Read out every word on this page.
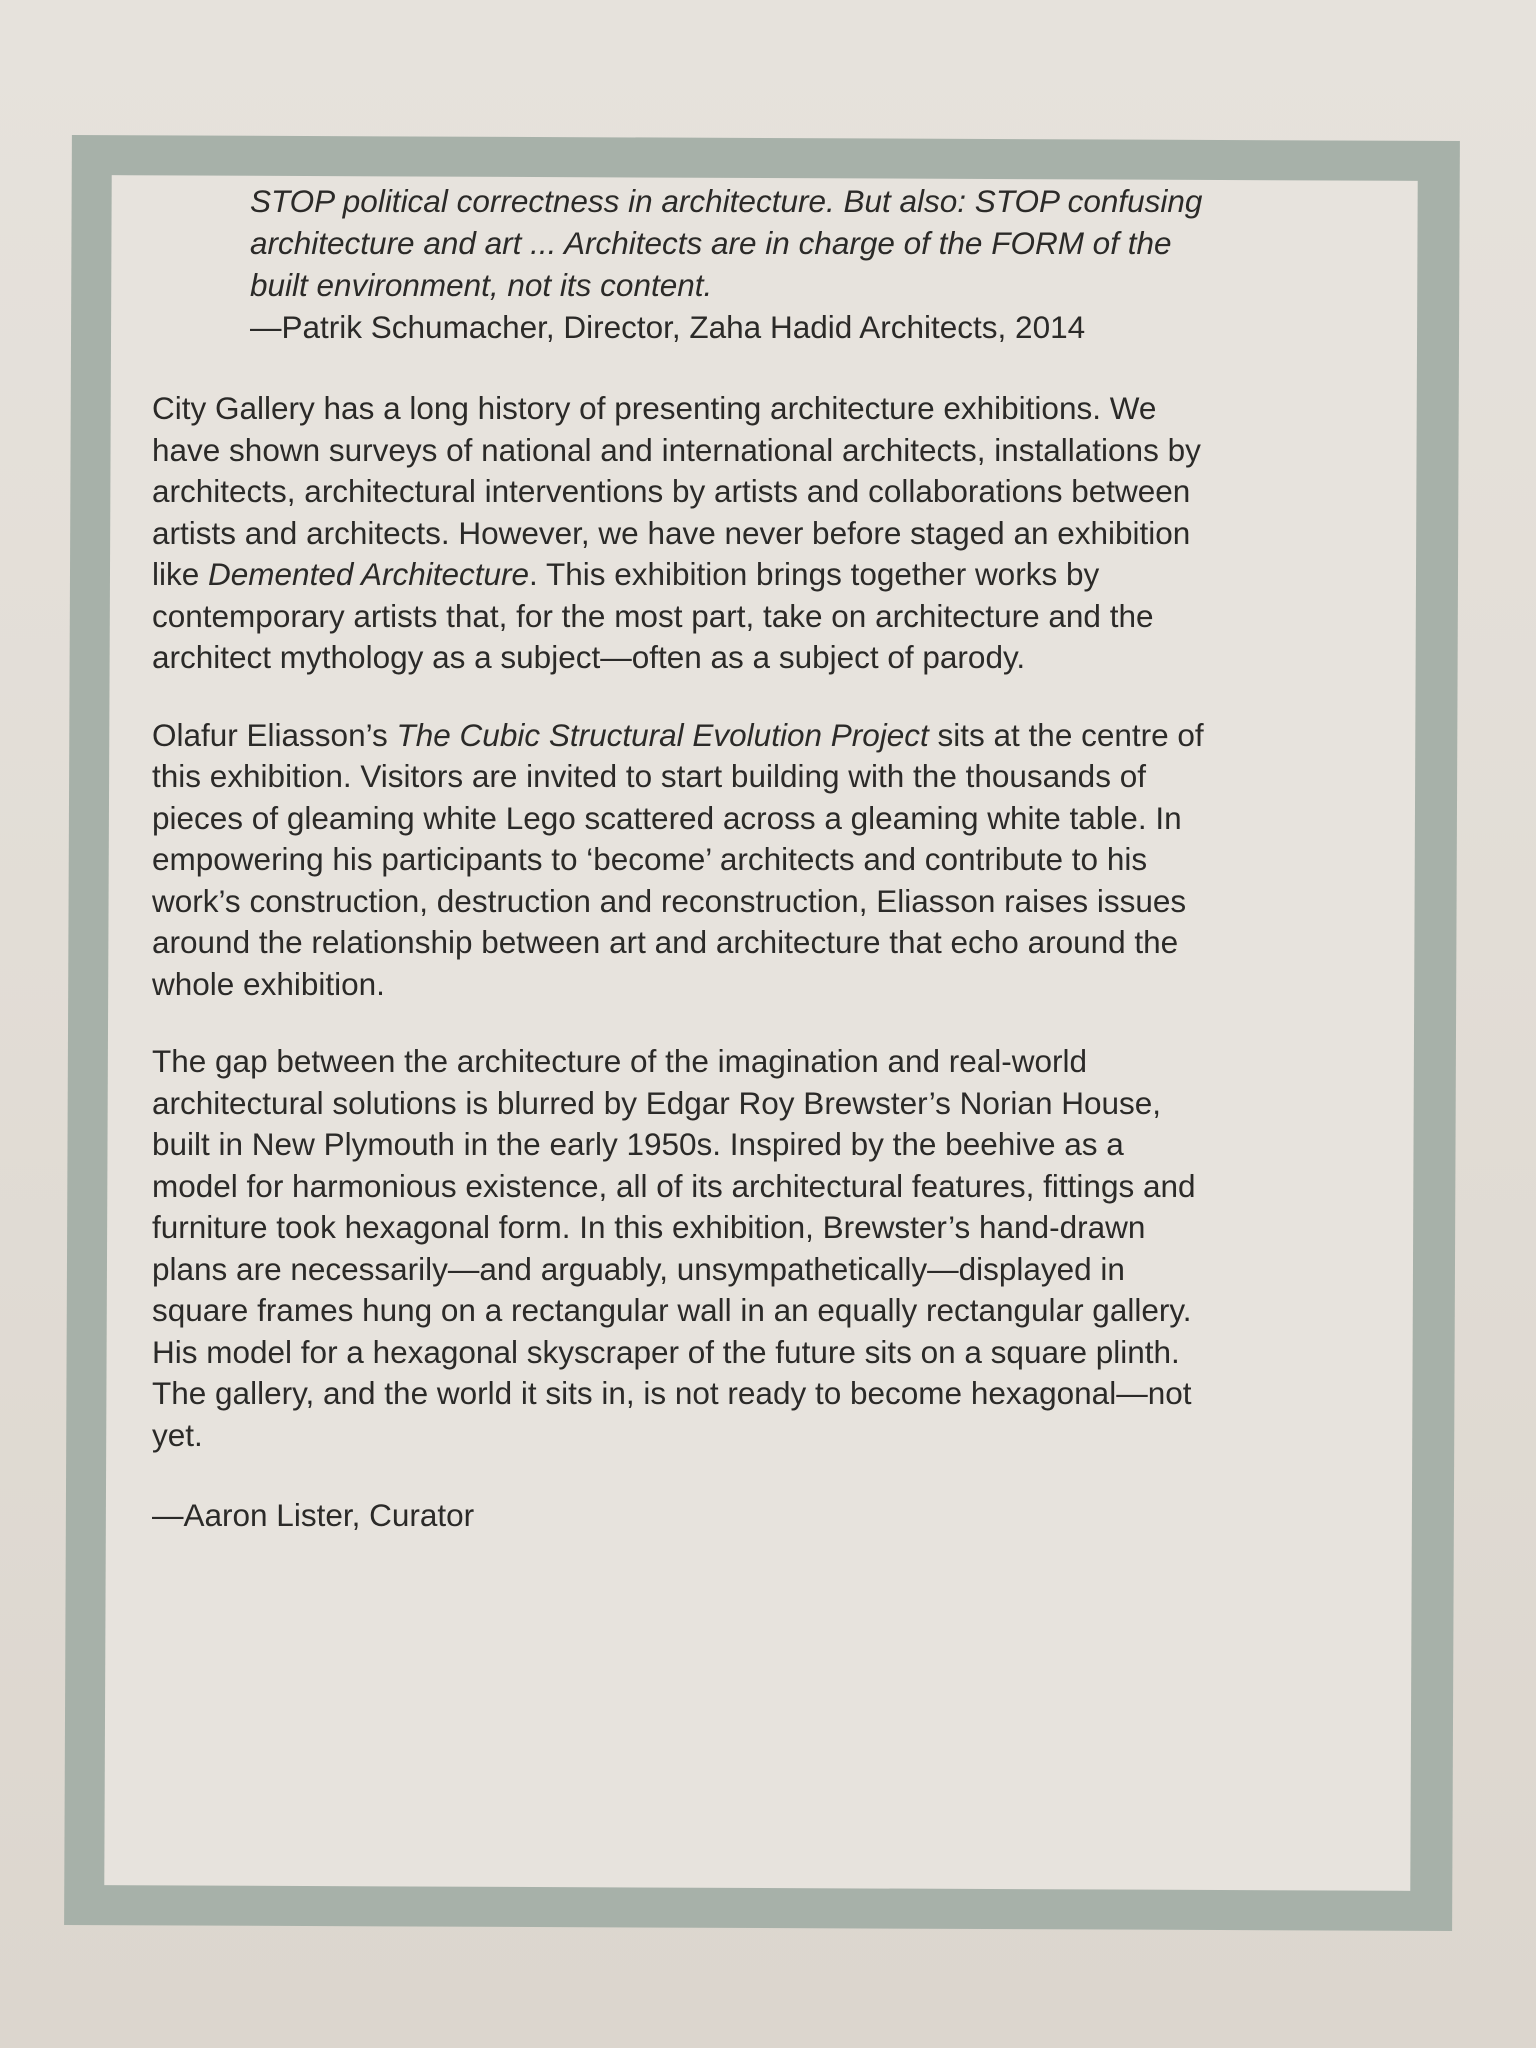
STOP political correctness in architecture. But also: STOP confusing architecture and art ... Architects are in charge of the FORM of the built environment, not its content.

—Patrik Schumacher, Director, Zaha Hadid Architects, 2014

City Gallery has a long history of presenting architecture exhibitions. We have shown surveys of national and international architects, installations by architects, architectural interventions by artists and collaborations between artists and architects. However, we have never before staged an exhibition like Demented Architecture. This exhibition brings together works by contemporary artists that, for the most part, take on architecture and the architect mythology as a subject—often as a subject of parody.

Olafur Eliasson’s The Cubic Structural Evolution Project sits at the centre of this exhibition. Visitors are invited to start building with the thousands of pieces of gleaming white Lego scattered across a gleaming white table. In empowering his participants to ‘become’ architects and contribute to his work’s construction, destruction and reconstruction, Eliasson raises issues around the relationship between art and architecture that echo around the whole exhibition.

The gap between the architecture of the imagination and real-world architectural solutions is blurred by Edgar Roy Brewster’s Norian House, built in New Plymouth in the early 1950s. Inspired by the beehive as a model for harmonious existence, all of its architectural features, fittings and furniture took hexagonal form. In this exhibition, Brewster’s hand-drawn plans are necessarily—and arguably, unsympathetically—displayed in square frames hung on a rectangular wall in an equally rectangular gallery. His model for a hexagonal skyscraper of the future sits on a square plinth. The gallery, and the world it sits in, is not ready to become hexagonal—not yet.

—Aaron Lister, Curator
